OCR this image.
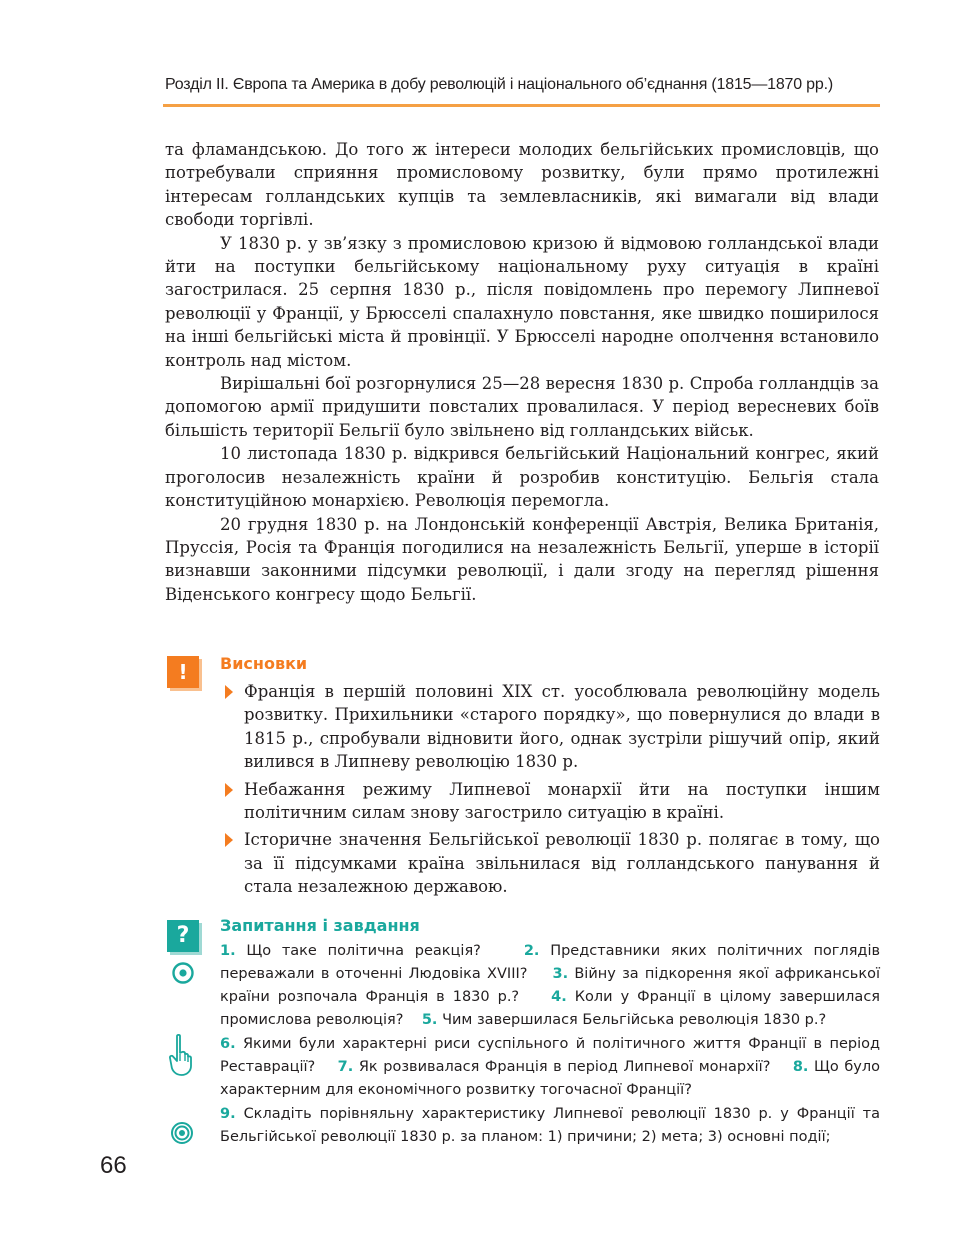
Розділ ІІ. Європа та Америка в добу революцій і національного об’єднання (1815—1870 рр.)

та фламандською. До того ж інтереси молодих бельгійських промисловців, що потребували сприяння промисловому розвитку, були прямо протилежні інтересам голландських купців та землевласників, які вимагали від влади свободи торгівлі.

У 1830 р. у зв’язку з промисловою кризою й відмовою голландської влади йти на поступки бельгійському національному руху ситуація в країні загострилася. 25 серпня 1830 р., після повідомлень про перемогу Липневої революції у Франції, у Брюсселі спалахнуло повстання, яке швидко поширилося на інші бельгійські міста й провінції. У Брюсселі народне ополчення встановило контроль над містом.

Вирішальні бої розгорнулися 25—28 вересня 1830 р. Спроба голландців за допомогою армії придушити повсталих провалилася. У період вересневих боїв більшість території Бельгії було звільнено від голландських військ.

10 листопада 1830 р. відкрився бельгійський Національний конгрес, який проголосив незалежність країни й розробив конституцію. Бельгія стала конституційною монархією. Революція перемогла.

20 грудня 1830 р. на Лондонській конференції Австрія, Велика Британія, Пруссія, Росія та Франція погодилися на незалежність Бельгії, уперше в історії визнавши законними підсумки революції, і дали згоду на перегляд рішення Віденського конгресу щодо Бельгії.

!	Висновки
Франція в першій половині XIX ст. уособлювала революційну модель розвитку. Прихильники «старого порядку», що повернулися до влади в 1815 р., спробували відновити його, однак зустріли рішучий опір, який вилився в Липневу революцію 1830 р.
Небажання режиму Липневої монархії йти на поступки іншим політичним силам знову загострило ситуацію в країні.
Історичне значення Бельгійської революції 1830 р. полягає в тому, що за її підсумками країна звільнилася від голландського панування й стала незалежною державою.
?	Запитання і завдання
1. Що таке політична реакція?	2. Представники яких політичних поглядів переважали в оточенні Людовіка XVIII? 3. Війну за підкорення якої африканської країни розпочала Франція в 1830 р.? 4. Коли у Франції в цілому завершилася промислова революція? 5. Чим завершилася Бельгійська революція 1830 р.?
6. Якими були характерні риси суспільного й політичного життя Франції в період Реставрації? 7. Як розвивалася Франція в період Липневої монархії? 8. Що було характерним для економічного розвитку тогочасної Франції?
9. Складіть порівняльну характеристику Липневої революції 1830 р. у Франції та Бельгійської революції 1830 р. за планом: 1) причини; 2) мета; 3) основні події;
66
